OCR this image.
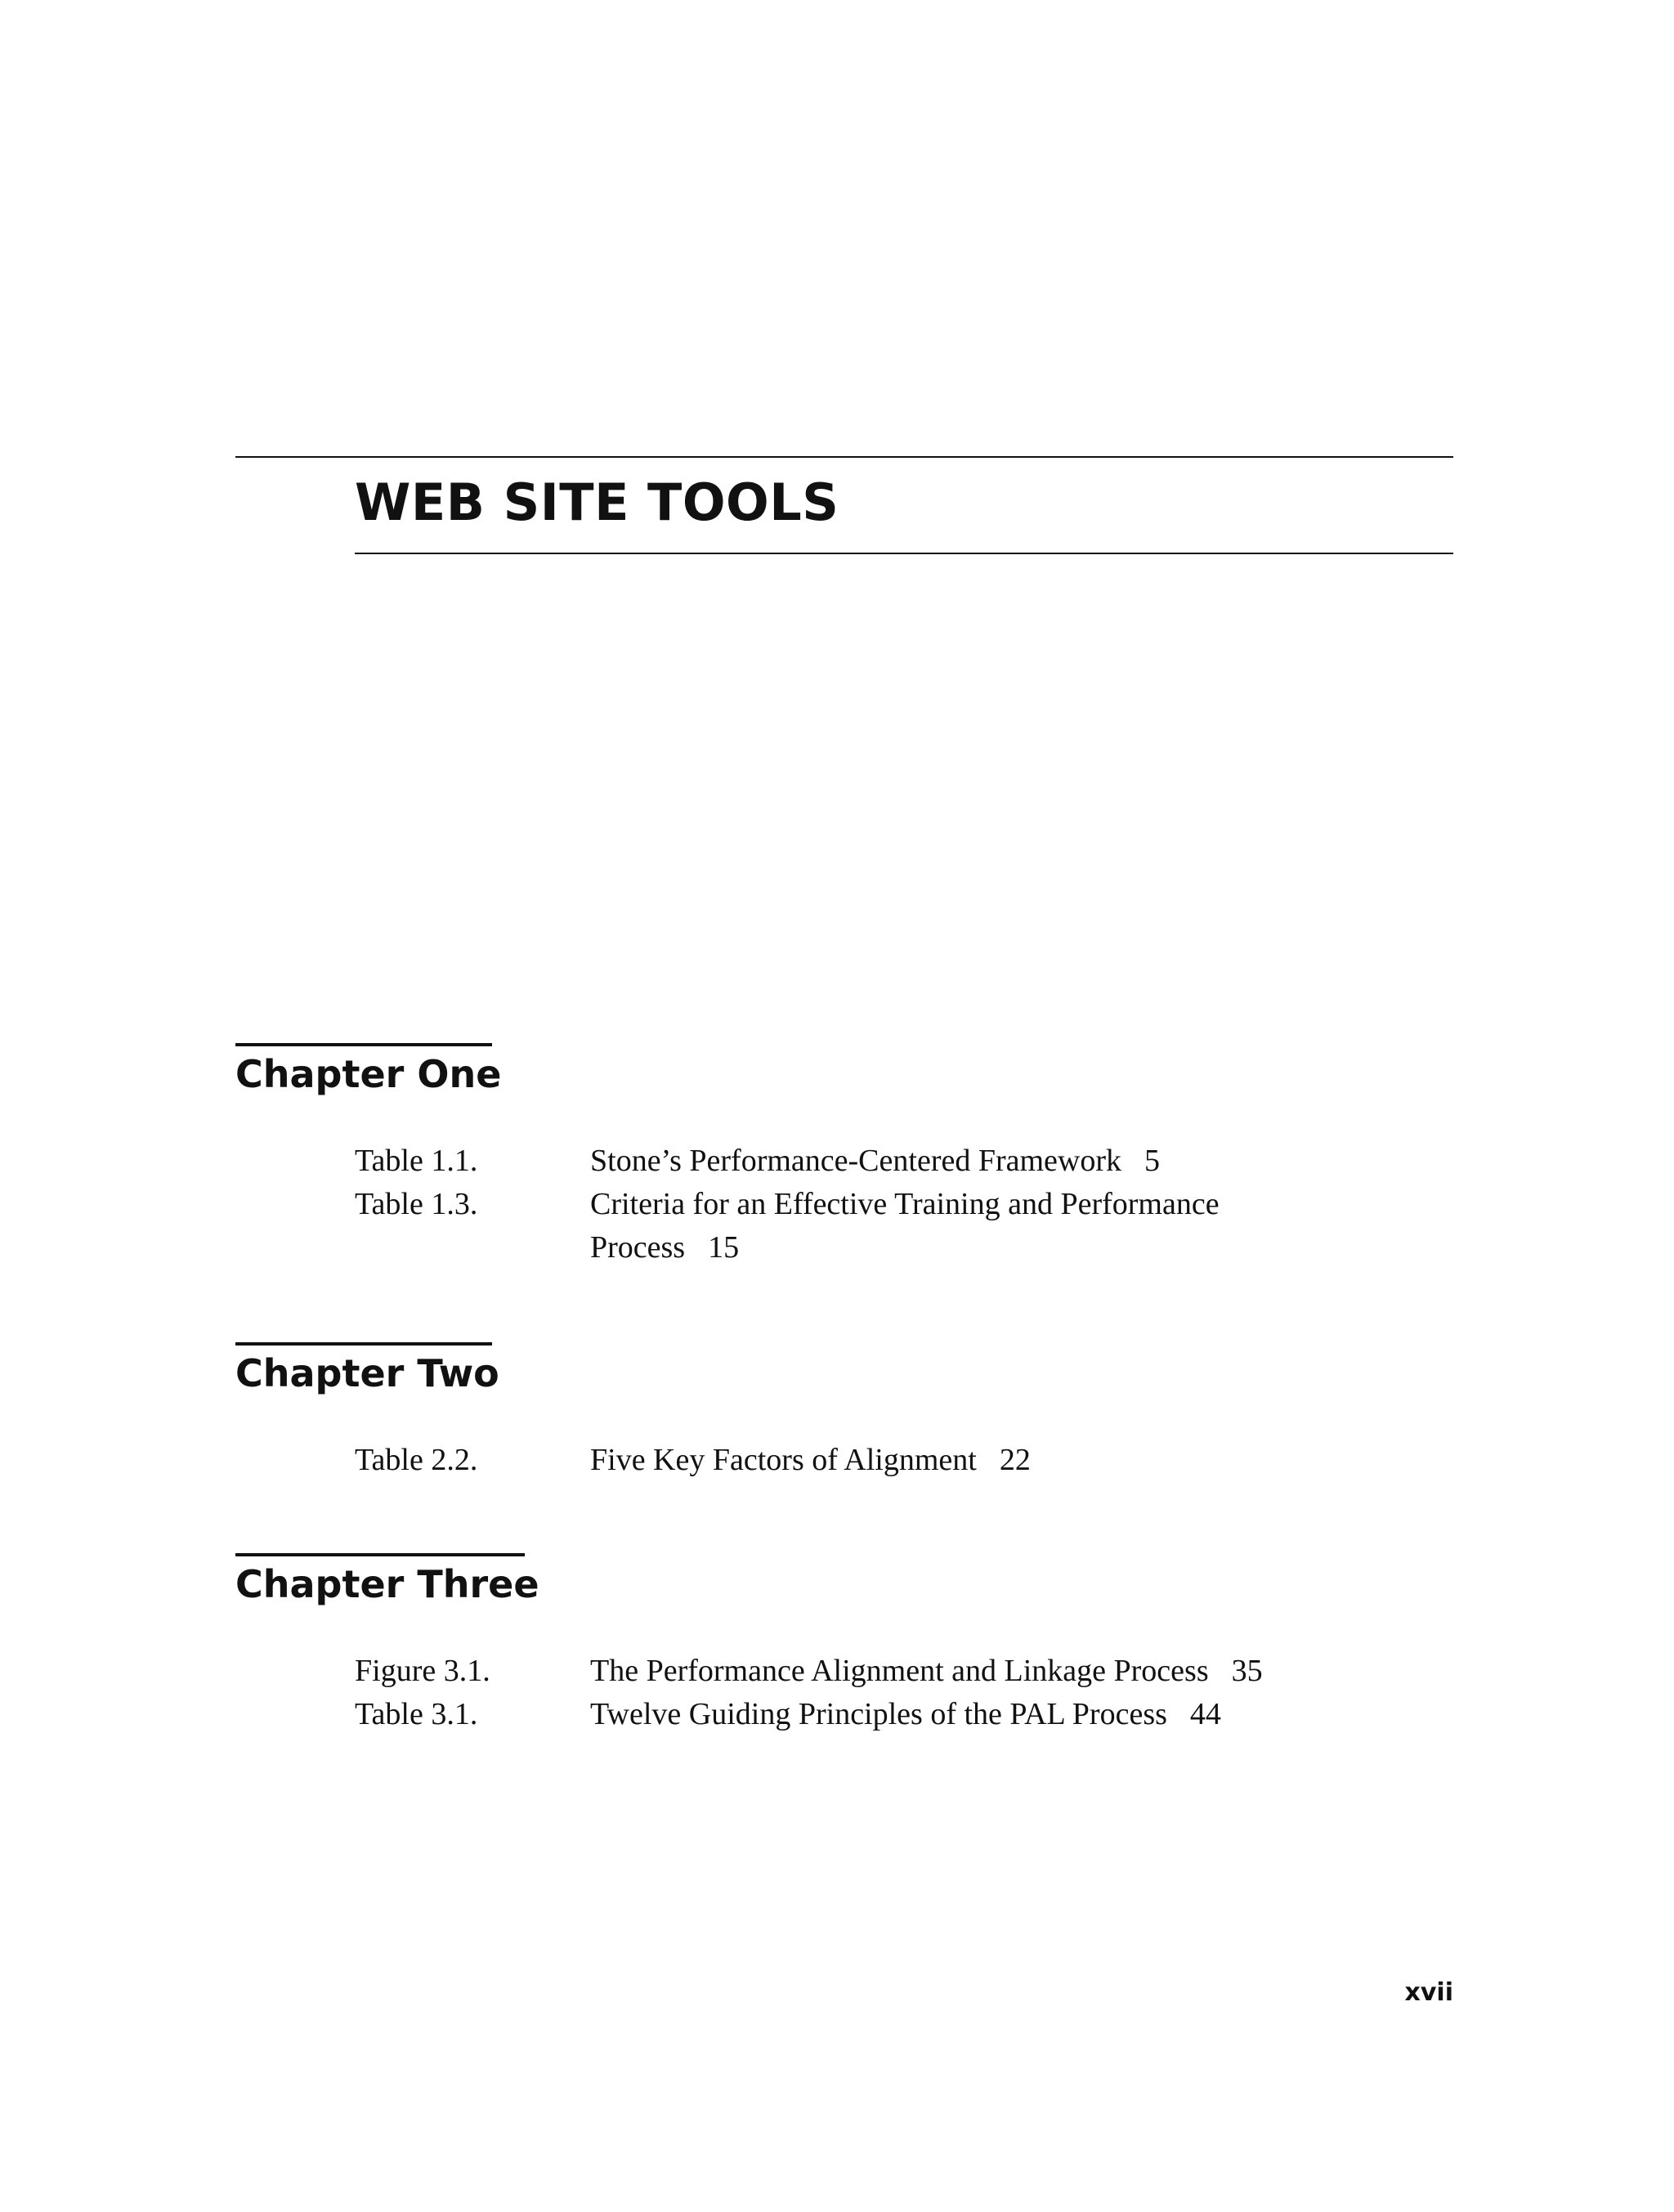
WEB SITE TOOLS
Chapter One
Table 1.1.	Stone’s Performance-Centered Framework 5
Table 1.3.	Criteria for an Effective Training and Performance Process 15
Chapter Two
Table 2.2.	Five Key Factors of Alignment 22
Chapter Three
Figure 3.1.	The Performance Alignment and Linkage Process 35
Table 3.1.	Twelve Guiding Principles of the PAL Process 44
xvii
